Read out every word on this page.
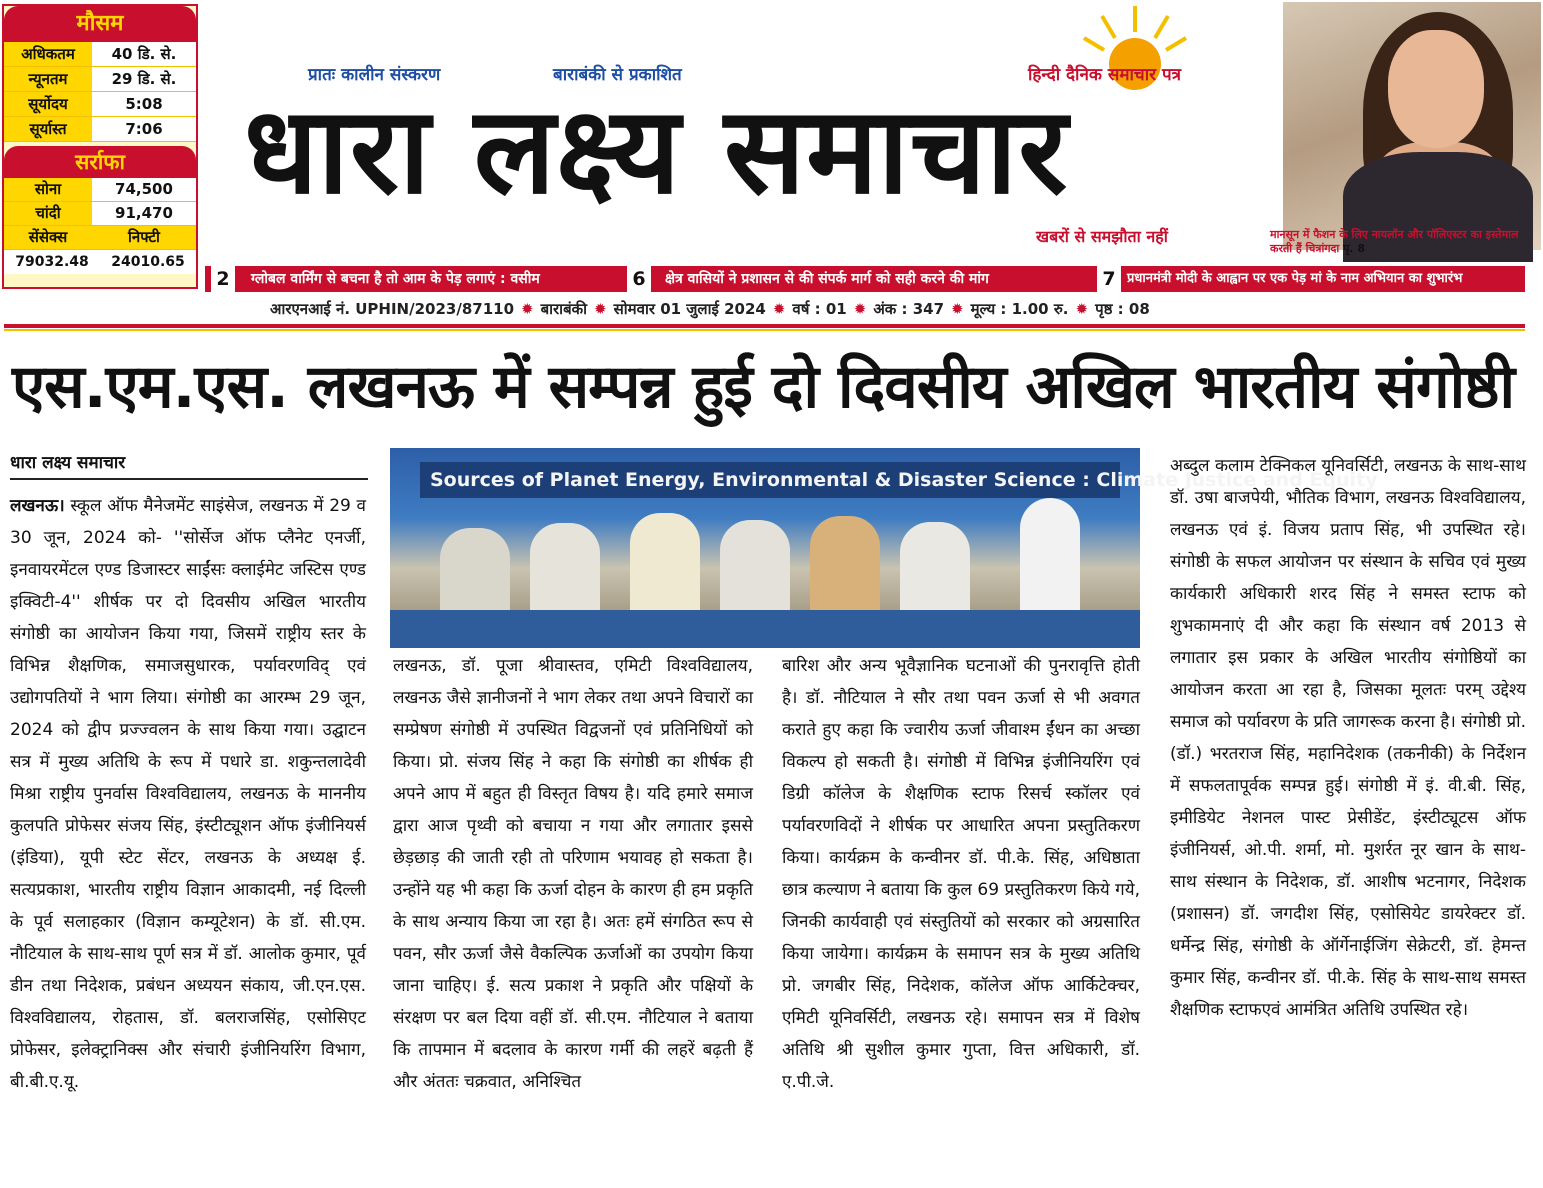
मौसम
अधिकतम	40 डि. से.
न्यूनतम	29 डि. से.
सूर्योदय	5:08
सूर्यास्त	7:06
सर्राफा
सोना	74,500
चांदी	91,470
सेंसेक्स	निफ्टी
79032.48	24010.65
प्रातः कालीन संस्करण	बाराबंकी से प्रकाशित	हिन्दी दैनिक समाचार पत्र
धारा लक्ष्य समाचार
खबरों से समझौता नहीं	मानसून में फैशन के लिए नायलॉन और पॉलिएस्टर का इस्तेमाल करती हैं चित्रांगदा पृ. 8
2	ग्लोबल वार्मिंग से बचना है तो आम के पेड़ लगाएं : वसीम	6	क्षेत्र वासियों ने प्रशासन से की संपर्क मार्ग को सही करने की मांग	7 प्रधानमंत्री मोदी के आह्वान पर एक पेड़ मां के नाम अभियान का शुभारंभ
आरएनआई नं. UPHIN/2023/87110 ✹ बाराबंकी ✹ सोमवार 01 जुलाई 2024 ✹ वर्ष : 01 ✹ अंक : 347 ✹ मूल्य : 1.00 रु. ✹ पृष्ठ : 08
एस.एम.एस. लखनऊ में सम्पन्न हुई दो दिवसीय अखिल भारतीय संगोष्ठी
धारा लक्ष्य समाचार
लखनऊ। स्कूल ऑफ मैनेजमेंट साइंसेज, लखनऊ में 29 व 30 जून, 2024 को- ''सोर्सेज ऑफ प्लैनेट एनर्जी, इनवायरमेंटल एण्ड डिजास्टर साईंसः क्लाईमेट जस्टिस एण्ड इक्विटी-4'' शीर्षक पर दो दिवसीय अखिल भारतीय संगोष्ठी का आयोजन किया गया, जिसमें राष्ट्रीय स्तर के विभिन्न शैक्षणिक, समाजसुधारक, पर्यावरणविद् एवं उद्योगपतियों ने भाग लिया। संगोष्ठी का आरम्भ 29 जून, 2024 को द्वीप प्रज्ज्वलन के साथ किया गया। उद्घाटन सत्र में मुख्य अतिथि के रूप में पधारे डा. शकुन्तलादेवी मिश्रा राष्ट्रीय पुनर्वास विश्वविद्यालय, लखनऊ के माननीय कुलपति प्रोफेसर संजय सिंह, इंस्टीट्यूशन ऑफ इंजीनियर्स (इंडिया), यूपी स्टेट सेंटर, लखनऊ के अध्यक्ष ई. सत्यप्रकाश, भारतीय राष्ट्रीय विज्ञान आकादमी, नई दिल्ली के पूर्व सलाहकार (विज्ञान कम्यूटेशन) के डॉ. सी.एम. नौटियाल के साथ-साथ पूर्ण सत्र में डॉ. आलोक कुमार, पूर्व डीन तथा निदेशक, प्रबंधन अध्ययन संकाय, जी.एन.एस. विश्वविद्यालय, रोहतास, डॉ. बलराजसिंह, एसोसिएट प्रोफेसर, इलेक्ट्रानिक्स और संचारी इंजीनियरिंग विभाग, बी.बी.ए.यू.
Sources of Planet Energy, Environmental & Disaster Science : Climate Justice and Equity
लखनऊ, डॉ. पूजा श्रीवास्तव, एमिटी विश्वविद्यालय, लखनऊ जैसे ज्ञानीजनों ने भाग लेकर तथा अपने विचारों का सम्प्रेषण संगोष्ठी में उपस्थित विद्वजनों एवं प्रतिनिधियों को किया। प्रो. संजय सिंह ने कहा कि संगोष्ठी का शीर्षक ही अपने आप में बहुत ही विस्तृत विषय है। यदि हमारे समाज द्वारा आज पृथ्वी को बचाया न गया और लगातार इससे छेड़छाड़ की जाती रही तो परिणाम भयावह हो सकता है। उन्होंने यह भी कहा कि ऊर्जा दोहन के कारण ही हम प्रकृति के साथ अन्याय किया जा रहा है। अतः हमें संगठित रूप से पवन, सौर ऊर्जा जैसे वैकल्पिक ऊर्जाओं का उपयोग किया जाना चाहिए। ई. सत्य प्रकाश ने प्रकृति और पक्षियों के संरक्षण पर बल दिया वहीं डॉ. सी.एम. नौटियाल ने बताया कि तापमान में बदलाव के कारण गर्मी की लहरें बढ़ती हैं और अंततः चक्रवात, अनिश्चित
बारिश और अन्य भूवैज्ञानिक घटनाओं की पुनरावृत्ति होती है। डॉ. नौटियाल ने सौर तथा पवन ऊर्जा से भी अवगत कराते हुए कहा कि ज्वारीय ऊर्जा जीवाश्म ईंधन का अच्छा विकल्प हो सकती है। संगोष्ठी में विभिन्न इंजीनियरिंग एवं डिग्री कॉलेज के शैक्षणिक स्टाफ रिसर्च स्कॉलर एवं पर्यावरणविदों ने शीर्षक पर आधारित अपना प्रस्तुतिकरण किया। कार्यक्रम के कन्वीनर डॉ. पी.के. सिंह, अधिष्ठाता छात्र कल्याण ने बताया कि कुल 69 प्रस्तुतिकरण किये गये, जिनकी कार्यवाही एवं संस्तुतियों को सरकार को अग्रसारित किया जायेगा। कार्यक्रम के समापन सत्र के मुख्य अतिथि प्रो. जगबीर सिंह, निदेशक, कॉलेज ऑफ आर्किटेक्चर, एमिटी यूनिवर्सिटी, लखनऊ रहे। समापन सत्र में विशेष अतिथि श्री सुशील कुमार गुप्ता, वित्त अधिकारी, डॉ. ए.पी.जे.
अब्दुल कलाम टेक्निकल यूनिवर्सिटी, लखनऊ के साथ-साथ डॉ. उषा बाजपेयी, भौतिक विभाग, लखनऊ विश्वविद्यालय, लखनऊ एवं इं. विजय प्रताप सिंह, भी उपस्थित रहे। संगोष्ठी के सफल आयोजन पर संस्थान के सचिव एवं मुख्य कार्यकारी अधिकारी शरद सिंह ने समस्त स्टाफ को शुभकामनाएं दी और कहा कि संस्थान वर्ष 2013 से लगातार इस प्रकार के अखिल भारतीय संगोष्ठियों का आयोजन करता आ रहा है, जिसका मूलतः परम् उद्देश्य समाज को पर्यावरण के प्रति जागरूक करना है। संगोष्ठी प्रो. (डॉ.) भरतराज सिंह, महानिदेशक (तकनीकी) के निर्देशन में सफलतापूर्वक सम्पन्न हुई। संगोष्ठी में इं. वी.बी. सिंह, इमीडियेट नेशनल पास्ट प्रेसीडेंट, इंस्टीट्यूटस ऑफ इंजीनियर्स, ओ.पी. शर्मा, मो. मुशर्रत नूर खान के साथ-साथ संस्थान के निदेशक, डॉ. आशीष भटनागर, निदेशक (प्रशासन) डॉ. जगदीश सिंह, एसोसियेट डायरेक्टर डॉ. धर्मेन्द्र सिंह, संगोष्ठी के ऑर्गेनाईजिंग सेक्रेटरी, डॉ. हेमन्त कुमार सिंह, कन्वीनर डॉ. पी.के. सिंह के साथ-साथ समस्त शैक्षणिक स्टाफएवं आमंत्रित अतिथि उपस्थित रहे।
